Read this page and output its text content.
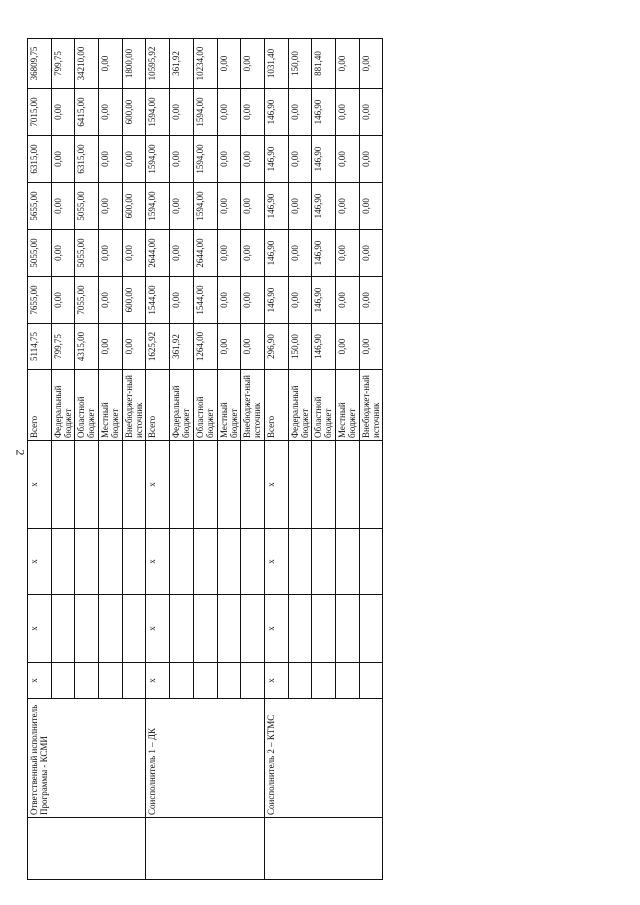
2
	Ответственный исполнитель Программы - КСМИ	x	x	x	x	Всего	5114,75	7655,00	5055,00	5655,00	6315,00	7015,00	36809,75
						Федеральный бюджет	799,75	0,00	0,00	0,00	0,00	0,00	799,75
						Областной бюджет	4315,00	7055,00	5055,00	5055,00	6315,00	6415,00	34210,00
						Местный бюджет	0,00	0,00	0,00	0,00	0,00	0,00	0,00
						Внебюджет-ный источник	0,00	600,00	0,00	600,00	0,00	600,00	1800,00
	Соисполнитель 1 – ДК	x	x	x	x	Всего	1625,92	1544,00	2644,00	1594,00	1594,00	1594,00	10595,92
						Федеральный бюджет	361,92	0,00	0,00	0,00	0,00	0,00	361,92
						Областной бюджет	1264,00	1544,00	2644,00	1594,00	1594,00	1594,00	10234,00
						Местный бюджет	0,00	0,00	0,00	0,00	0,00	0,00	0,00
						Внебюджет-ный источник	0,00	0,00	0,00	0,00	0,00	0,00	0,00
	Соисполнитель 2 – КТМС	x	x	x	x	Всего	296,90	146,90	146,90	146,90	146,90	146,90	1031,40
						Федеральный бюджет	150,00	0,00	0,00	0,00	0,00	0,00	150,00
						Областной бюджет	146,90	146,90	146,90	146,90	146,90	146,90	881,40
						Местный бюджет	0,00	0,00	0,00	0,00	0,00	0,00	0,00
						Внебюджет-ный источник	0,00	0,00	0,00	0,00	0,00	0,00	0,00
